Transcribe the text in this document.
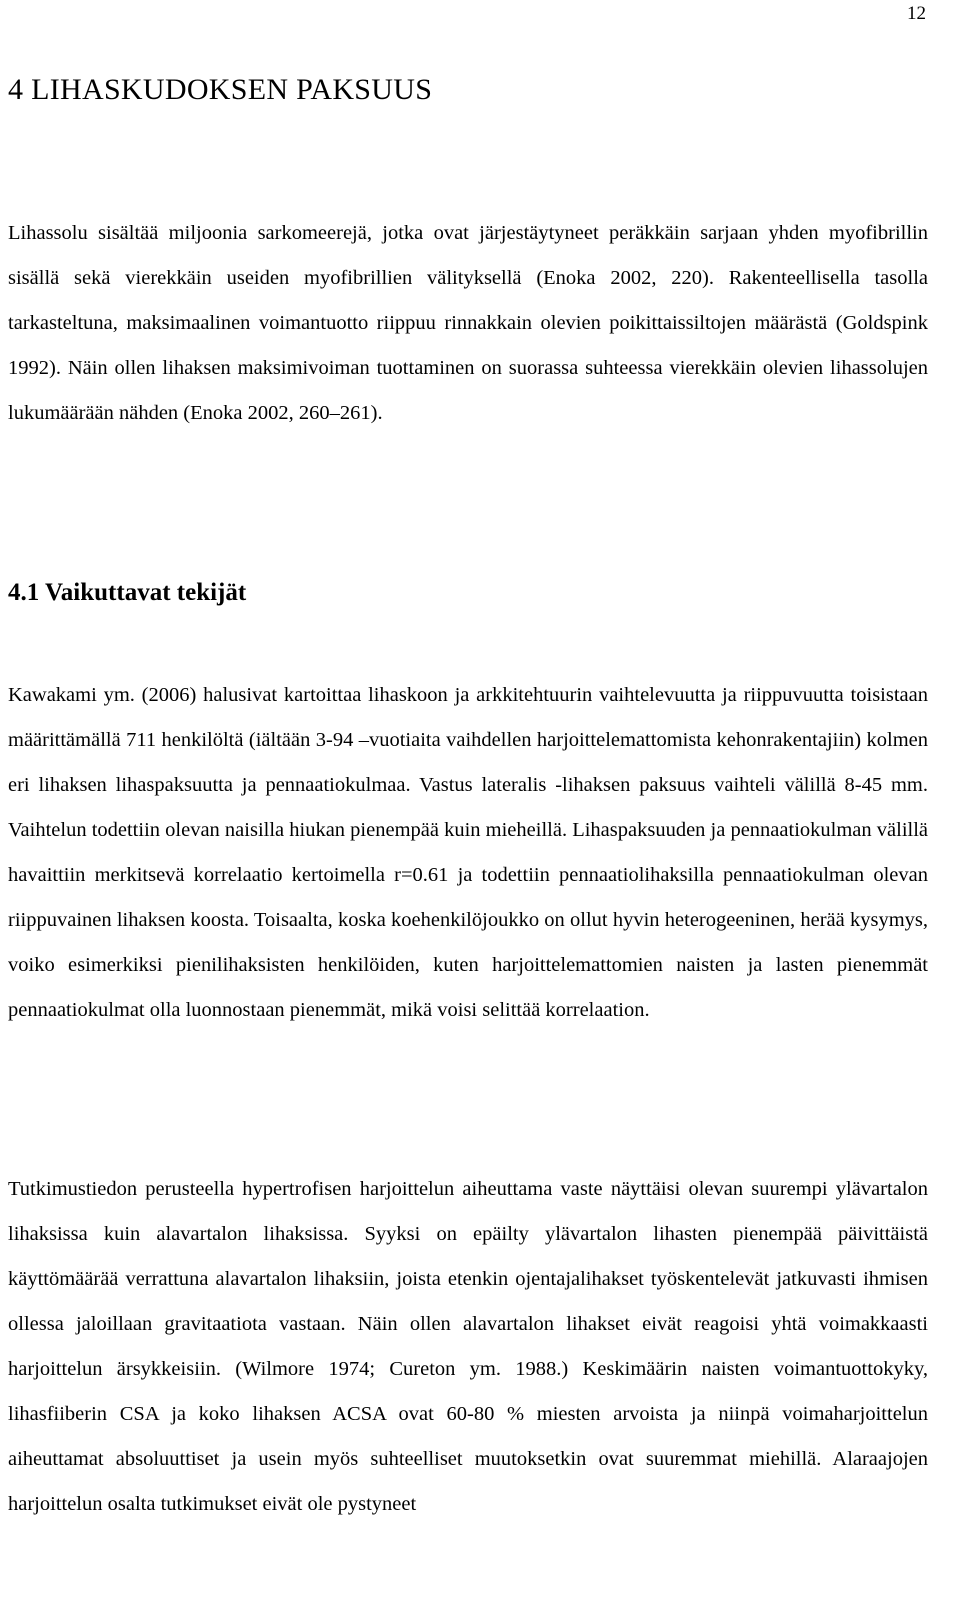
12
4 LIHASKUDOKSEN PAKSUUS

Lihassolu sisältää miljoonia sarkomeerejä, jotka ovat järjestäytyneet peräkkäin sarjaan yhden myofibrillin sisällä sekä vierekkäin useiden myofibrillien välityksellä (Enoka 2002, 220). Rakenteellisella tasolla tarkasteltuna, maksimaalinen voimantuotto riippuu rinnakkain olevien poikittaissiltojen määrästä (Goldspink 1992). Näin ollen lihaksen maksimivoiman tuottaminen on suorassa suhteessa vierekkäin olevien lihassolujen lukumäärään nähden (Enoka 2002, 260–261).

4.1 Vaikuttavat tekijät

Kawakami ym. (2006) halusivat kartoittaa lihaskoon ja arkkitehtuurin vaihtelevuutta ja riippuvuutta toisistaan määrittämällä 711 henkilöltä (iältään 3-94 –vuotiaita vaihdellen harjoittelemattomista kehonrakentajiin) kolmen eri lihaksen lihaspaksuutta ja pennaatiokulmaa. Vastus lateralis -lihaksen paksuus vaihteli välillä 8-45 mm. Vaihtelun todettiin olevan naisilla hiukan pienempää kuin mieheillä. Lihaspaksuuden ja pennaatiokulman välillä havaittiin merkitsevä korrelaatio kertoimella r=0.61 ja todettiin pennaatiolihaksilla pennaatiokulman olevan riippuvainen lihaksen koosta. Toisaalta, koska koehenkilöjoukko on ollut hyvin heterogeeninen, herää kysymys, voiko esimerkiksi pienilihaksisten henkilöiden, kuten harjoittelemattomien naisten ja lasten pienemmät pennaatiokulmat olla luonnostaan pienemmät, mikä voisi selittää korrelaation.

Tutkimustiedon perusteella hypertrofisen harjoittelun aiheuttama vaste näyttäisi olevan suurempi ylävartalon lihaksissa kuin alavartalon lihaksissa. Syyksi on epäilty ylävartalon lihasten pienempää päivittäistä käyttömäärää verrattuna alavartalon lihaksiin, joista etenkin ojentajalihakset työskentelevät jatkuvasti ihmisen ollessa jaloillaan gravitaatiota vastaan. Näin ollen alavartalon lihakset eivät reagoisi yhtä voimakkaasti harjoittelun ärsykkeisiin. (Wilmore 1974; Cureton ym. 1988.) Keskimäärin naisten voimantuottokyky, lihasfiiberin CSA ja koko lihaksen ACSA ovat 60-80 % miesten arvoista ja niinpä voimaharjoittelun aiheuttamat absoluuttiset ja usein myös suhteelliset muutoksetkin ovat suuremmat miehillä. Alaraajojen harjoittelun osalta tutkimukset eivät ole pystyneet
